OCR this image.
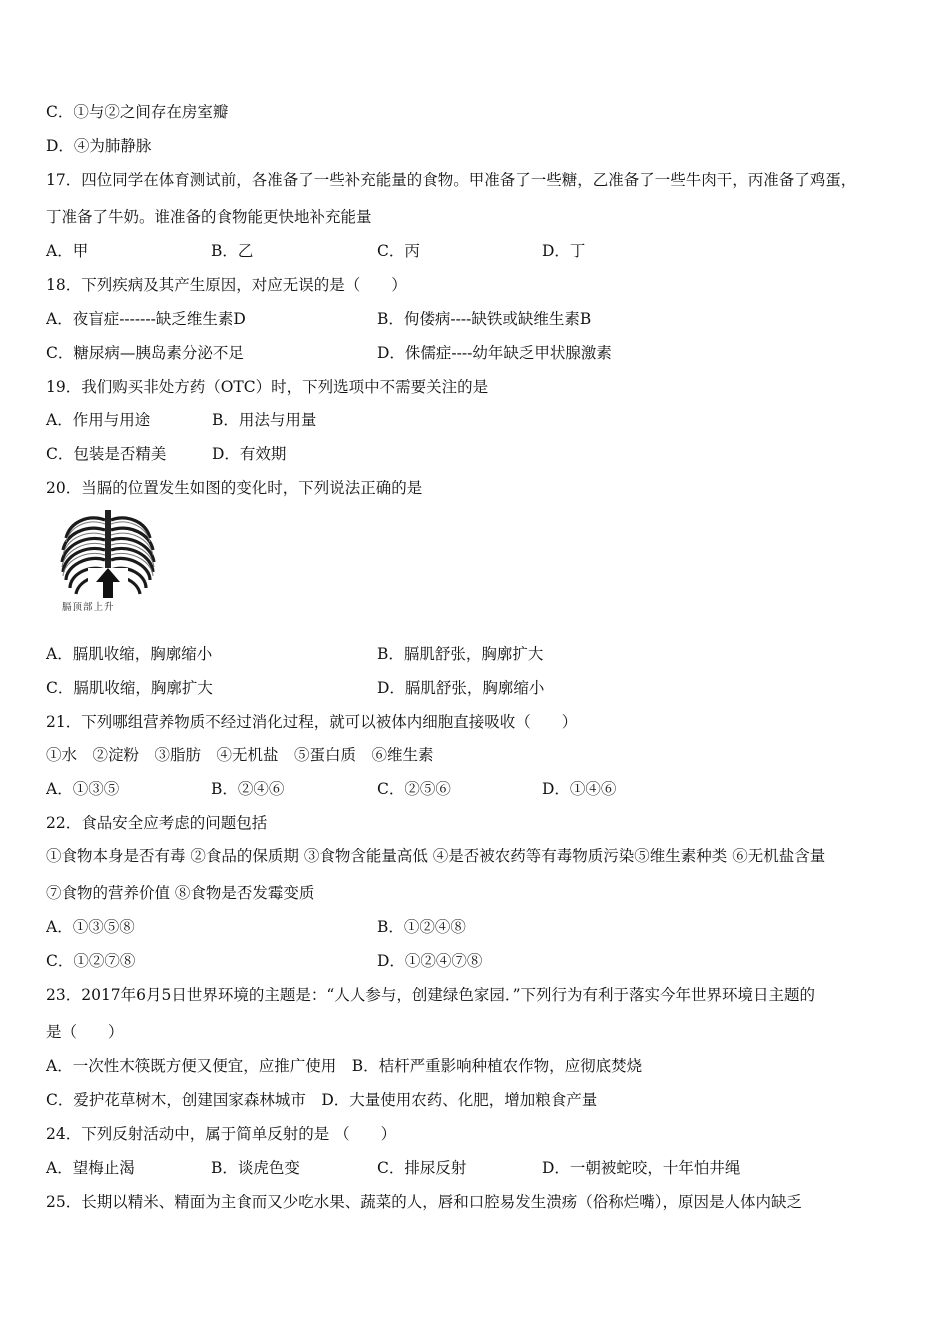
C．①与②之间存在房室瓣
D．④为肺静脉
17．四位同学在体育测试前，各准备了一些补充能量的食物。甲准备了一些糖，乙准备了一些牛肉干，丙准备了鸡蛋，
丁准备了牛奶。谁准备的食物能更快地补充能量
A．甲	B．乙	C．丙	D．丁
18．下列疾病及其产生原因，对应无误的是（　　）
A．夜盲症-------缺乏维生素D	B．佝偻病----缺铁或缺维生素B
C．糖尿病—胰岛素分泌不足	D．侏儒症----幼年缺乏甲状腺激素
19．我们购买非处方药（OTC）时，下列选项中不需要关注的是
A．作用与用途	B．用法与用量
C．包装是否精美	D．有效期
20．当膈的位置发生如图的变化时，下列说法正确的是
膈顶部上升
A．膈肌收缩，胸廓缩小	B．膈肌舒张，胸廓扩大
C．膈肌收缩，胸廓扩大	D．膈肌舒张，胸廓缩小
21．下列哪组营养物质不经过消化过程，就可以被体内细胞直接吸收（　　）
①水　②淀粉　③脂肪　④无机盐　⑤蛋白质　⑥维生素
A．①③⑤	B．②④⑥	C．②⑤⑥	D．①④⑥
22．食品安全应考虑的问题包括
①食物本身是否有毒 ②食品的保质期 ③食物含能量高低 ④是否被农药等有毒物质污染⑤维生素种类 ⑥无机盐含量
⑦食物的营养价值 ⑧食物是否发霉变质
A．①③⑤⑧	B．①②④⑧
C．①②⑦⑧	D．①②④⑦⑧
23．2017年6月5日世界环境的主题是：“人人参与，创建绿色家园．”下列行为有利于落实今年世界环境日主题的
是（　　）
A．一次性木筷既方便又便宜，应推广使用　B．桔杆严重影响种植农作物，应彻底焚烧
C．爱护花草树木，创建国家森林城市　D．大量使用农药、化肥，增加粮食产量
24．下列反射活动中，属于简单反射的是 （　　）
A．望梅止渴	B．谈虎色变	C．排尿反射	D．一朝被蛇咬，十年怕井绳
25．长期以精米、精面为主食而又少吃水果、蔬菜的人，唇和口腔易发生溃疡（俗称烂嘴），原因是人体内缺乏
